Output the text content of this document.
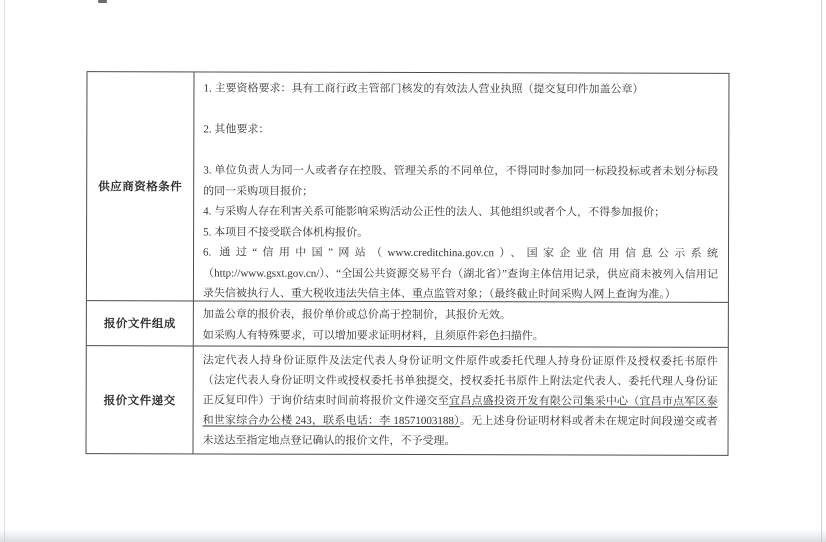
供应商资格条件
1. 主要资格要求：具有工商行政主管部门核发的有效法人营业执照（提交复印件加盖公章）
2. 其他要求：
3. 单位负责人为同一人或者存在控股、管理关系的不同单位，不得同时参加同一标段投标或者未划分标段的同一采购项目报价；
4. 与采购人存在利害关系可能影响采购活动公正性的法人、其他组织或者个人，不得参加报价；
5. 本项目不接受联合体机构报价。
6. 通过“信用中国”网站（www.creditchina.gov.cn）、国家企业信用信息公示系统（http://www.gsxt.gov.cn/）、“全国公共资源交易平台（湖北省）”查询主体信用记录，供应商未被列入信用记录失信被执行人、重大税收违法失信主体、重点监管对象；（最终截止时间采购人网上查询为准。）
报价文件组成
加盖公章的报价表，报价单价或总价高于控制价，其报价无效。
如采购人有特殊要求，可以增加要求证明材料，且须原件彩色扫描件。
报价文件递交
法定代表人持身份证原件及法定代表人身份证明文件原件或委托代理人持身份证原件及授权委托书原件（法定代表人身份证明文件或授权委托书单独提交，授权委托书原件上附法定代表人、委托代理人身份证正反复印件）于询价结束时间前将报价文件递交至宜昌点盛投资开发有限公司集采中心（宜昌市点军区泰和世家综合办公楼 243，联系电话：李 18571003188）。无上述身份证明材料或者未在规定时间段递交或者未送达至指定地点登记确认的报价文件，不予受理。
